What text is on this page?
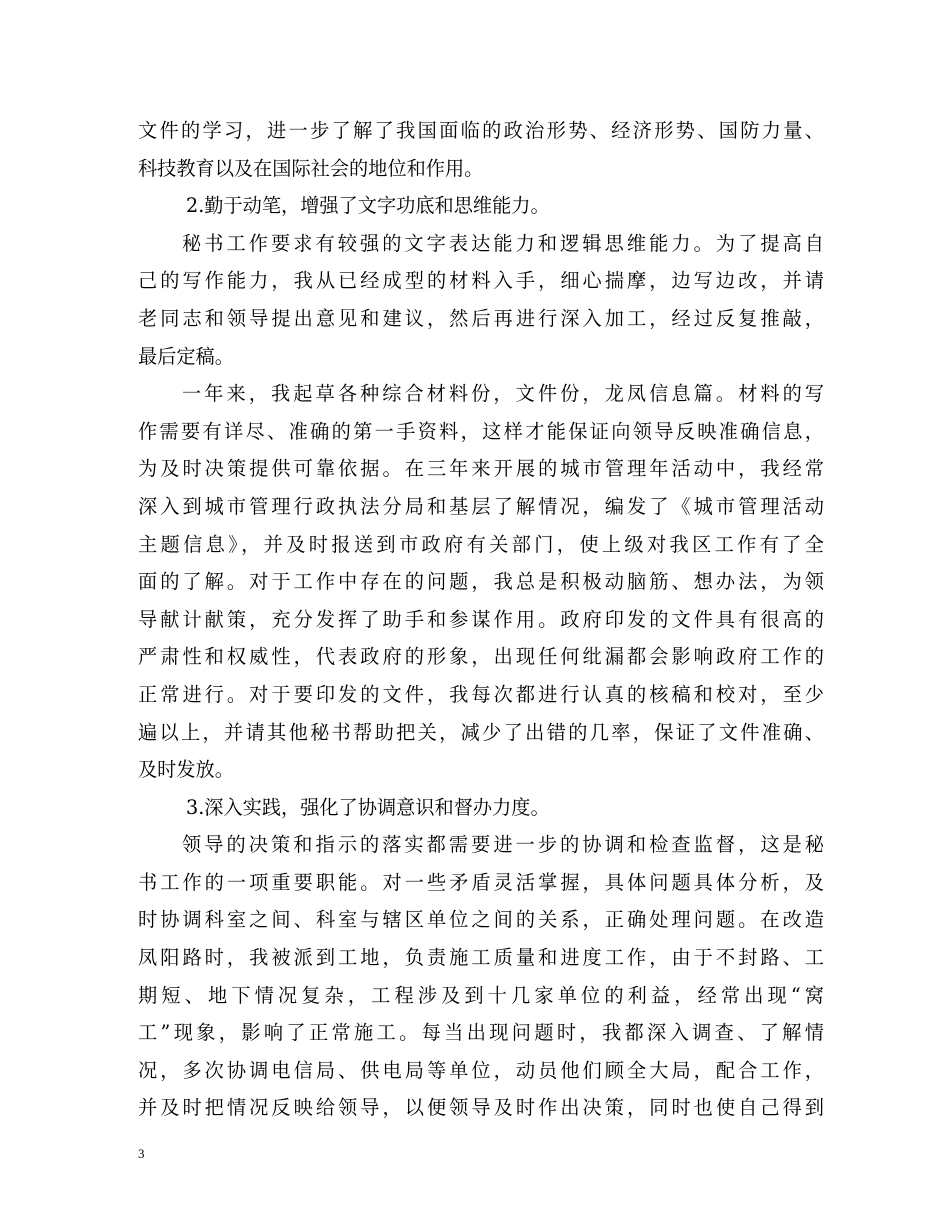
文件的学习，进一步了解了我国面临的政治形势、经济形势、国防力量、
科技教育以及在国际社会的地位和作用。
2.勤于动笔，增强了文字功底和思维能力。
秘书工作要求有较强的文字表达能力和逻辑思维能力。为了提高自
己的写作能力，我从已经成型的材料入手，细心揣摩，边写边改，并请
老同志和领导提出意见和建议，然后再进行深入加工，经过反复推敲，
最后定稿。
一年来，我起草各种综合材料份，文件份，龙凤信息篇。材料的写
作需要有详尽、准确的第一手资料，这样才能保证向领导反映准确信息，
为及时决策提供可靠依据。在三年来开展的城市管理年活动中，我经常
深入到城市管理行政执法分局和基层了解情况，编发了《城市管理活动
主题信息》，并及时报送到市政府有关部门，使上级对我区工作有了全
面的了解。对于工作中存在的问题，我总是积极动脑筋、想办法，为领
导献计献策，充分发挥了助手和参谋作用。政府印发的文件具有很高的
严肃性和权威性，代表政府的形象，出现任何纰漏都会影响政府工作的
正常进行。对于要印发的文件，我每次都进行认真的核稿和校对，至少
遍以上，并请其他秘书帮助把关，减少了出错的几率，保证了文件准确、
及时发放。
3.深入实践，强化了协调意识和督办力度。
领导的决策和指示的落实都需要进一步的协调和检查监督，这是秘
书工作的一项重要职能。对一些矛盾灵活掌握，具体问题具体分析，及
时协调科室之间、科室与辖区单位之间的关系，正确处理问题。在改造
凤阳路时，我被派到工地，负责施工质量和进度工作，由于不封路、工
期短、地下情况复杂，工程涉及到十几家单位的利益，经常出现“窝
工”现象，影响了正常施工。每当出现问题时，我都深入调查、了解情
况，多次协调电信局、供电局等单位，动员他们顾全大局，配合工作，
并及时把情况反映给领导，以便领导及时作出决策，同时也使自己得到
3
